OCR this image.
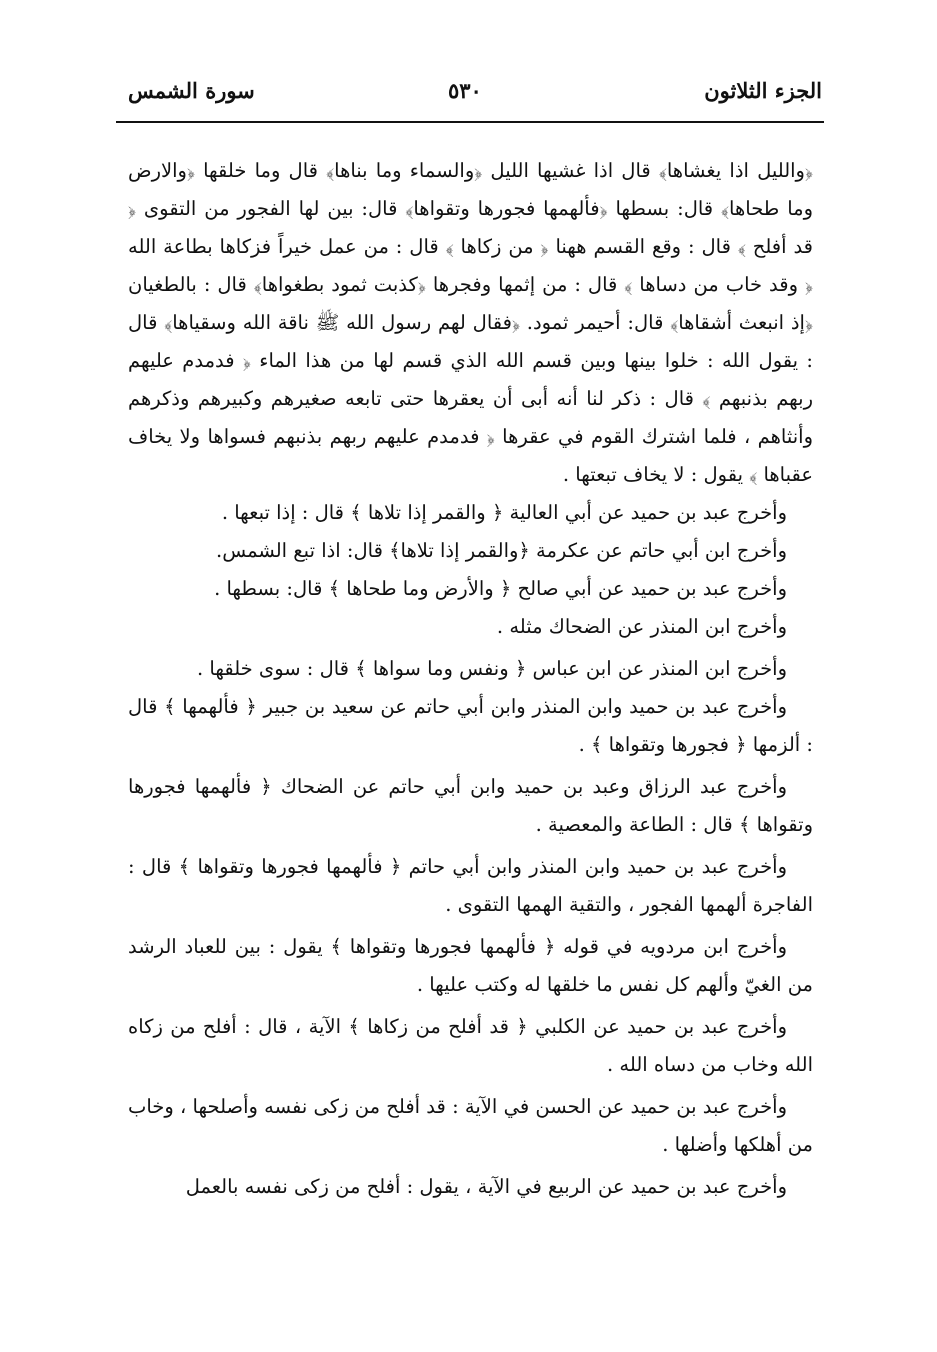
الجزء الثلاثون
٥٣٠
سورة الشمس

﴿والليل اذا يغشاها﴾ قال اذا غشيها الليل ﴿والسماء وما بناها﴾ قال وما خلقها ﴿والارض وما طحاها﴾ قال: بسطها ﴿فألهمها فجورها وتقواها﴾ قال: بين لها الفجور من التقوى ﴿ قد أفلح ﴾ قال : وقع القسم ههنا ﴿ من زكاها ﴾ قال : من عمل خيراً فزكاها بطاعة الله ﴿ وقد خاب من دساها ﴾ قال : من إثمها وفجرها ﴿كذبت ثمود بطغواها﴾ قال : بالطغيان ﴿إذ انبعث أشقاها﴾ قال: أحيمر ثمود. ﴿فقال لهم رسول الله ﷺ ناقة الله وسقياها﴾ قال : يقول الله : خلوا بينها وبين قسم الله الذي قسم لها من هذا الماء ﴿ فدمدم عليهم ربهم بذنبهم ﴾ قال : ذكر لنا أنه أبى أن يعقرها حتى تابعه صغيرهم وكبيرهم وذكرهم وأنثاهم ، فلما اشترك القوم في عقرها ﴿ فدمدم عليهم ربهم بذنبهم فسواها ولا يخاف عقباها ﴾ يقول : لا يخاف تبعتها .

وأخرج عبد بن حميد عن أبي العالية ﴿ والقمر إذا تلاها ﴾ قال : إذا تبعها .

وأخرج ابن أبي حاتم عن عكرمة ﴿والقمر إذا تلاها﴾ قال: اذا تبع الشمس.

وأخرج عبد بن حميد عن أبي صالح ﴿ والأرض وما طحاها ﴾ قال: بسطها .

وأخرج ابن المنذر عن الضحاك مثله .

وأخرج ابن المنذر عن ابن عباس ﴿ ونفس وما سواها ﴾ قال : سوى خلقها .

وأخرج عبد بن حميد وابن المنذر وابن أبي حاتم عن سعيد بن جبير ﴿ فألهمها ﴾ قال : ألزمها ﴿ فجورها وتقواها ﴾ .

وأخرج عبد الرزاق وعبد بن حميد وابن أبي حاتم عن الضحاك ﴿ فألهمها فجورها وتقواها ﴾ قال : الطاعة والمعصية .

وأخرج عبد بن حميد وابن المنذر وابن أبي حاتم ﴿ فألهمها فجورها وتقواها ﴾ قال : الفاجرة ألهمها الفجور ، والتقية الهمها التقوى .

وأخرج ابن مردويه في قوله ﴿ فألهمها فجورها وتقواها ﴾ يقول : بين للعباد الرشد من الغيّ وألهم كل نفس ما خلقها له وكتب عليها .

وأخرج عبد بن حميد عن الكلبي ﴿ قد أفلح من زكاها ﴾ الآية ، قال : أفلح من زكاه الله وخاب من دساه الله .

وأخرج عبد بن حميد عن الحسن في الآية : قد أفلح من زكى نفسه وأصلحها ، وخاب من أهلكها وأضلها .

وأخرج عبد بن حميد عن الربيع في الآية ، يقول : أفلح من زكى نفسه بالعمل
